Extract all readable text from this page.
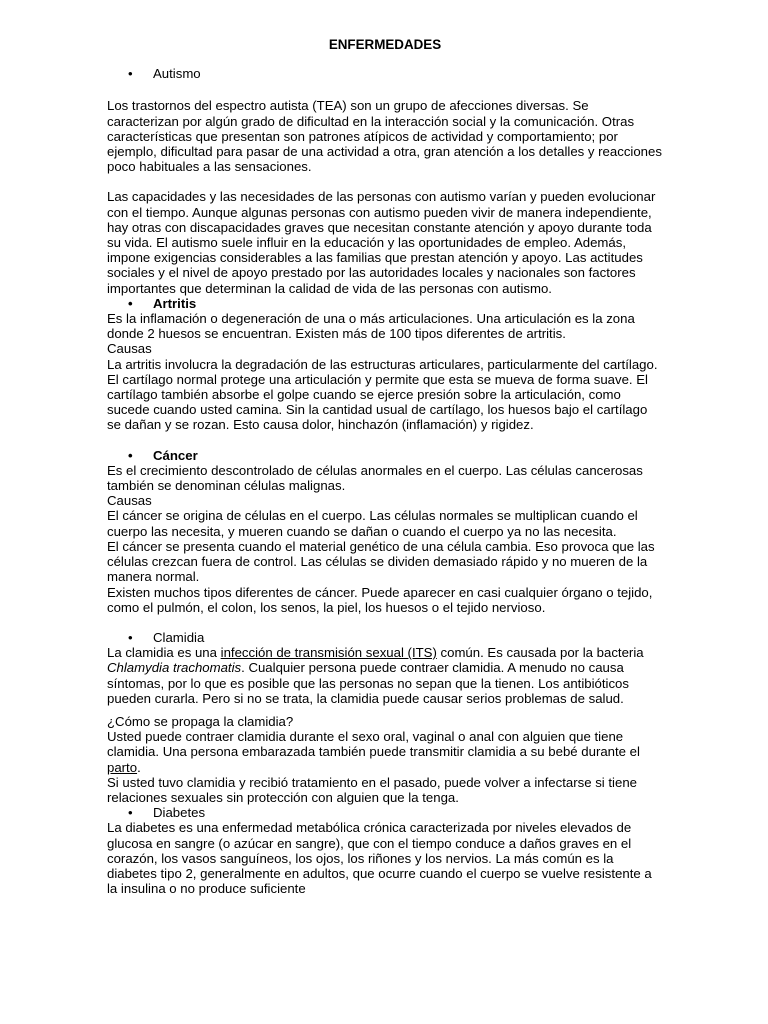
ENFERMEDADES

• Autismo

Los trastornos del espectro autista (TEA) son un grupo de afecciones diversas. Se caracterizan por algún grado de dificultad en la interacción social y la comunicación. Otras características que presentan son patrones atípicos de actividad y comportamiento; por ejemplo, dificultad para pasar de una actividad a otra, gran atención a los detalles y reacciones poco habituales a las sensaciones.

Las capacidades y las necesidades de las personas con autismo varían y pueden evolucionar con el tiempo. Aunque algunas personas con autismo pueden vivir de manera independiente, hay otras con discapacidades graves que necesitan constante atención y apoyo durante toda su vida. El autismo suele influir en la educación y las oportunidades de empleo. Además, impone exigencias considerables a las familias que prestan atención y apoyo. Las actitudes sociales y el nivel de apoyo prestado por las autoridades locales y nacionales son factores importantes que determinan la calidad de vida de las personas con autismo.

• Artritis

Es la inflamación o degeneración de una o más articulaciones. Una articulación es la zona donde 2 huesos se encuentran. Existen más de 100 tipos diferentes de artritis.

Causas

La artritis involucra la degradación de las estructuras articulares, particularmente del cartílago. El cartílago normal protege una articulación y permite que esta se mueva de forma suave. El cartílago también absorbe el golpe cuando se ejerce presión sobre la articulación, como sucede cuando usted camina. Sin la cantidad usual de cartílago, los huesos bajo el cartílago se dañan y se rozan. Esto causa dolor, hinchazón (inflamación) y rigidez.

• Cáncer

Es el crecimiento descontrolado de células anormales en el cuerpo. Las células cancerosas también se denominan células malignas.

Causas

El cáncer se origina de células en el cuerpo. Las células normales se multiplican cuando el cuerpo las necesita, y mueren cuando se dañan o cuando el cuerpo ya no las necesita.

El cáncer se presenta cuando el material genético de una célula cambia. Eso provoca que las células crezcan fuera de control. Las células se dividen demasiado rápido y no mueren de la manera normal.

Existen muchos tipos diferentes de cáncer. Puede aparecer en casi cualquier órgano o tejido, como el pulmón, el colon, los senos, la piel, los huesos o el tejido nervioso.

• Clamidia

La clamidia es una infección de transmisión sexual (ITS) común. Es causada por la bacteria Chlamydia trachomatis. Cualquier persona puede contraer clamidia. A menudo no causa síntomas, por lo que es posible que las personas no sepan que la tienen. Los antibióticos pueden curarla. Pero si no se trata, la clamidia puede causar serios problemas de salud.

¿Cómo se propaga la clamidia?

Usted puede contraer clamidia durante el sexo oral, vaginal o anal con alguien que tiene clamidia. Una persona embarazada también puede transmitir clamidia a su bebé durante el parto.

Si usted tuvo clamidia y recibió tratamiento en el pasado, puede volver a infectarse si tiene relaciones sexuales sin protección con alguien que la tenga.

• Diabetes

La diabetes es una enfermedad metabólica crónica caracterizada por niveles elevados de glucosa en sangre (o azúcar en sangre), que con el tiempo conduce a daños graves en el corazón, los vasos sanguíneos, los ojos, los riñones y los nervios. La más común es la diabetes tipo 2, generalmente en adultos, que ocurre cuando el cuerpo se vuelve resistente a la insulina o no produce suficiente
